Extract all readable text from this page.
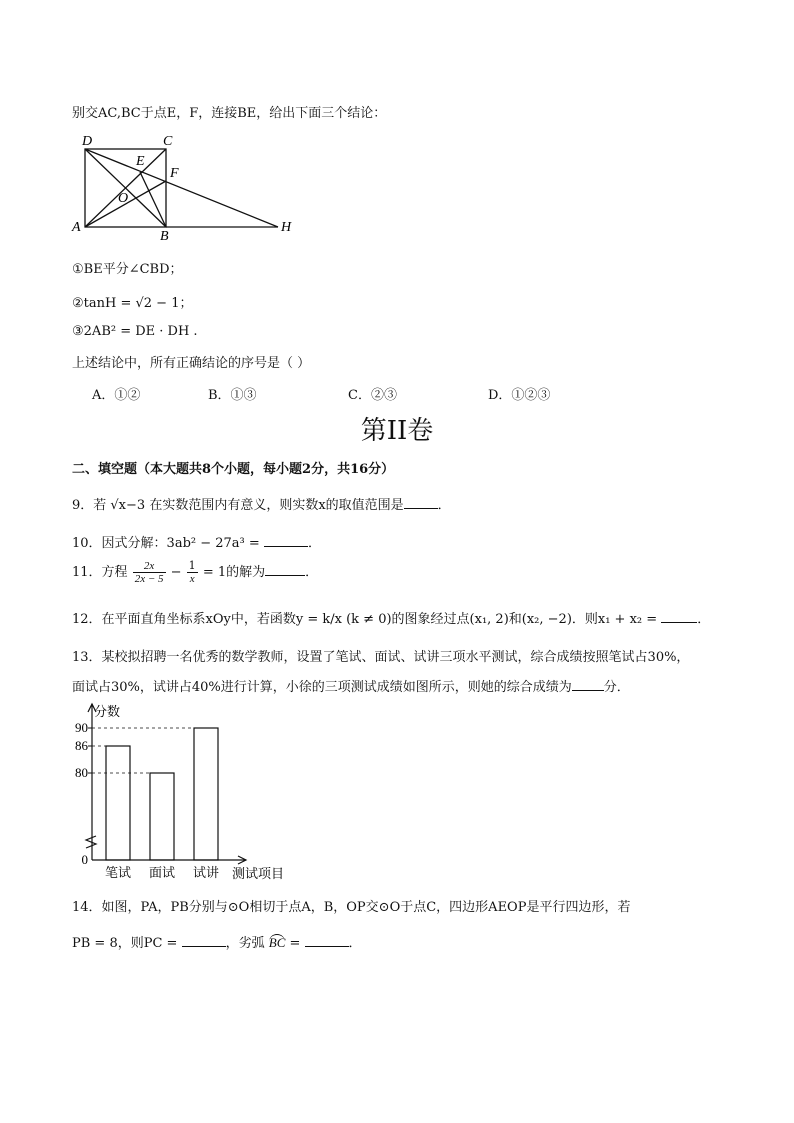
别交AC,BC于点E，F，连接BE，给出下面三个结论：
D	C
E
F
O
A
B
H
①BE平分∠CBD；
②tanH = √2 − 1；
③2AB² = DE · DH .
上述结论中，所有正确结论的序号是（ ）
A．①②	B．①③	C．②③	D．①②③
第II卷
二、填空题（本大题共8个小题，每小题2分，共16分）
9．若 √x−3 在实数范围内有意义，则实数x的取值范围是	．
10．因式分解：3ab² − 27a³ =	．
11．方程 $\frac{2x}{2x - 5} - \frac{1}{x} = 1$的解为	．
12．在平面直角坐标系xOy中，若函数y = k/x (k ≠ 0)的图象经过点(x₁, 2)和(x₂, −2)．则x₁ + x₂ =	．
13．某校拟招聘一名优秀的数学教师，设置了笔试、面试、试讲三项水平测试，综合成绩按照笔试占30%，
面试占30%，试讲占40%进行计算，小徐的三项测试成绩如图所示，则她的综合成绩为 分．
分数
测试项目
90
86
80
0
笔试 面试 试讲
14．如图，PA，PB分别与⊙O相切于点A，B，OP交⊙O于点C，四边形AEOP是平行四边形，若
PB = 8，则PC =	，劣弧 BC =	．
